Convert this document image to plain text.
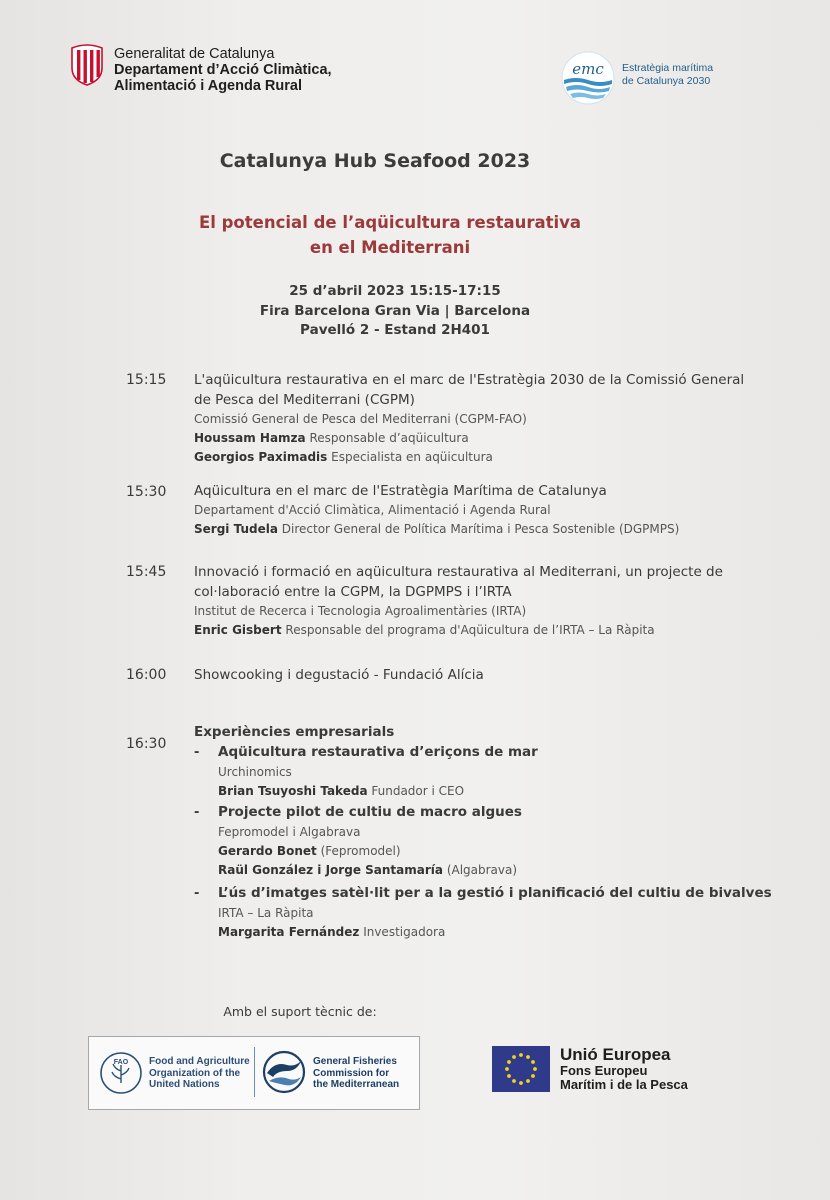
Generalitat de Catalunya
Departament d’Acció Climàtica,
Alimentació i Agenda Rural
emc Estratègia marítima
de Catalunya 2030
Catalunya Hub Seafood 2023
El potencial de l’aqüicultura restaurativa
en el Mediterrani
25 d’abril 2023 15:15-17:15
Fira Barcelona Gran Via | Barcelona
Pavelló 2 - Estand 2H401
15:15 L'aqüicultura restaurativa en el marc de l'Estratègia 2030 de la Comissió General
de Pesca del Mediterrani (CGPM)
Comissió General de Pesca del Mediterrani (CGPM-FAO)
Houssam Hamza Responsable d’aqüicultura
Georgios Paximadis Especialista en aqüicultura
15:30 Aqüicultura en el marc de l'Estratègia Marítima de Catalunya
Departament d'Acció Climàtica, Alimentació i Agenda Rural
Sergi Tudela Director General de Política Marítima i Pesca Sostenible (DGPMPS)
15:45 Innovació i formació en aqüicultura restaurativa al Mediterrani, un projecte de
col·laboració entre la CGPM, la DGPMPS i l’IRTA
Institut de Recerca i Tecnologia Agroalimentàries (IRTA)
Enric Gisbert Responsable del programa d'Aqüicultura de l’IRTA – La Ràpita
16:00 Showcooking i degustació - Fundació Alícia
Experiències empresarials
16:30
- Aqüicultura restaurativa d’eriçons de mar
Urchinomics
Brian Tsuyoshi Takeda Fundador i CEO
- Projecte pilot de cultiu de macro algues
Fepromodel i Algabrava
Gerardo Bonet (Fepromodel)
Raül González i Jorge Santamaría (Algabrava)
- L’ús d’imatges satèl·lit per a la gestió i planificació del cultiu de bivalves
IRTA – La Ràpita
Margarita Fernández Investigadora
Amb el suport tècnic de:
FAO Food and Agriculture
Organization of the
United Nations
General Fisheries
Commission for
the Mediterranean
Unió Europea
Fons Europeu
Marítim i de la Pesca
